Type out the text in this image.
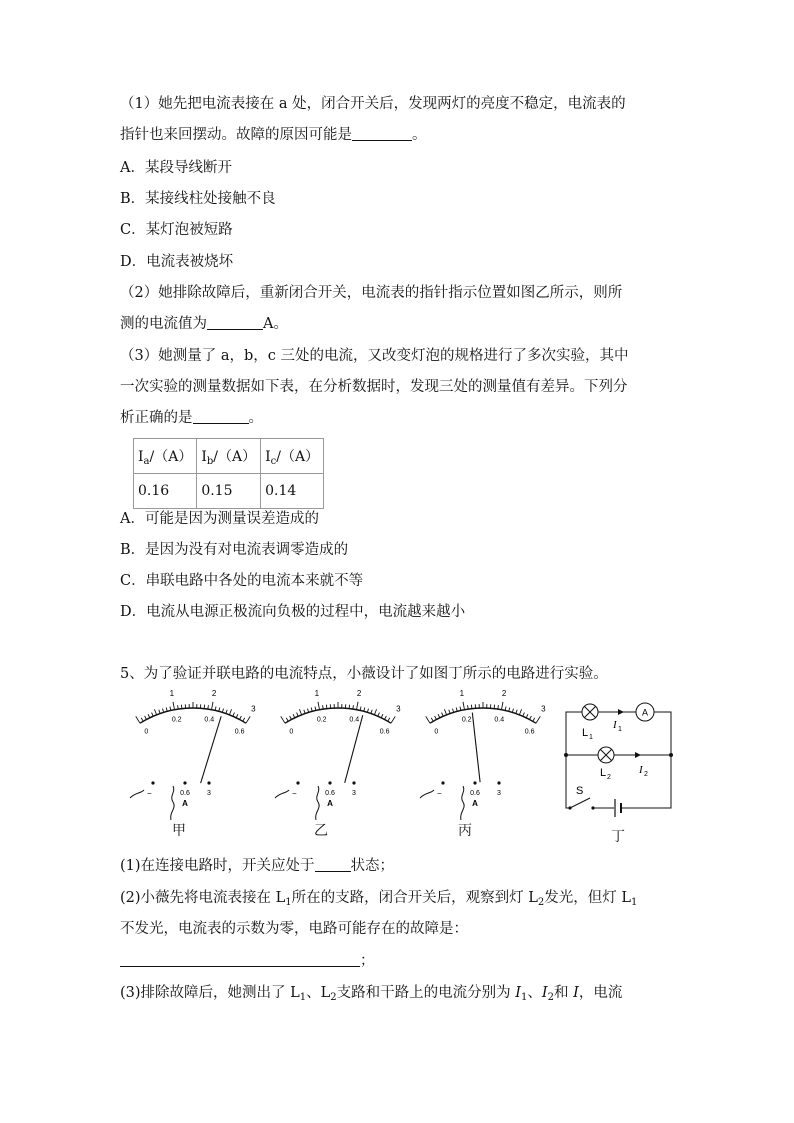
（1）她先把电流表接在 a 处，闭合开关后，发现两灯的亮度不稳定，电流表的
指针也来回摆动。故障的原因可能是	。
A．某段导线断开
B．某接线柱处接触不良
C．某灯泡被短路
D．电流表被烧坏
（2）她排除故障后，重新闭合开关，电流表的指针指示位置如图乙所示，则所
测的电流值为	A。
（3）她测量了 a，b，c 三处的电流，又改变灯泡的规格进行了多次实验，其中
一次实验的测量数据如下表，在分析数据时，发现三处的测量值有差异。下列分
析正确的是	。
$I_a/(A)$	$I_b/(A)$	$I_c/(A)$
0.16	0.15	0.14
A．可能是因为测量误差造成的
B．是因为没有对电流表调零造成的
C．串联电路中各处的电流本来就不等
D．电流从电源正极流向负极的过程中，电流越来越小
5、为了验证并联电路的电流特点，小薇设计了如图丁所示的电路进行实验。
1	2
3
0.2	0.4
0.6
0
−	0.6 3
A
1	2
3
0.2	0.4
0.6
0
−	0.6 3
A
1	2
3
0.2	0.4
0.6
0
−	0.6 3
A
A
L 1
I 1
L 2
I 2
S
甲	乙	丙	丁
(1)在连接电路时，开关应处于 状态；
(2)小薇先将电流表接在 $L_1$所在的支路，闭合开关后，观察到灯 $L_2$发光，但灯 $L_1$
不发光，电流表的示数为零，电路可能存在的故障是：
；
(3)排除故障后，她测出了 $L_1$、$L_2$支路和干路上的电流分别为 $I_1$、$I_2$和 I，电流
